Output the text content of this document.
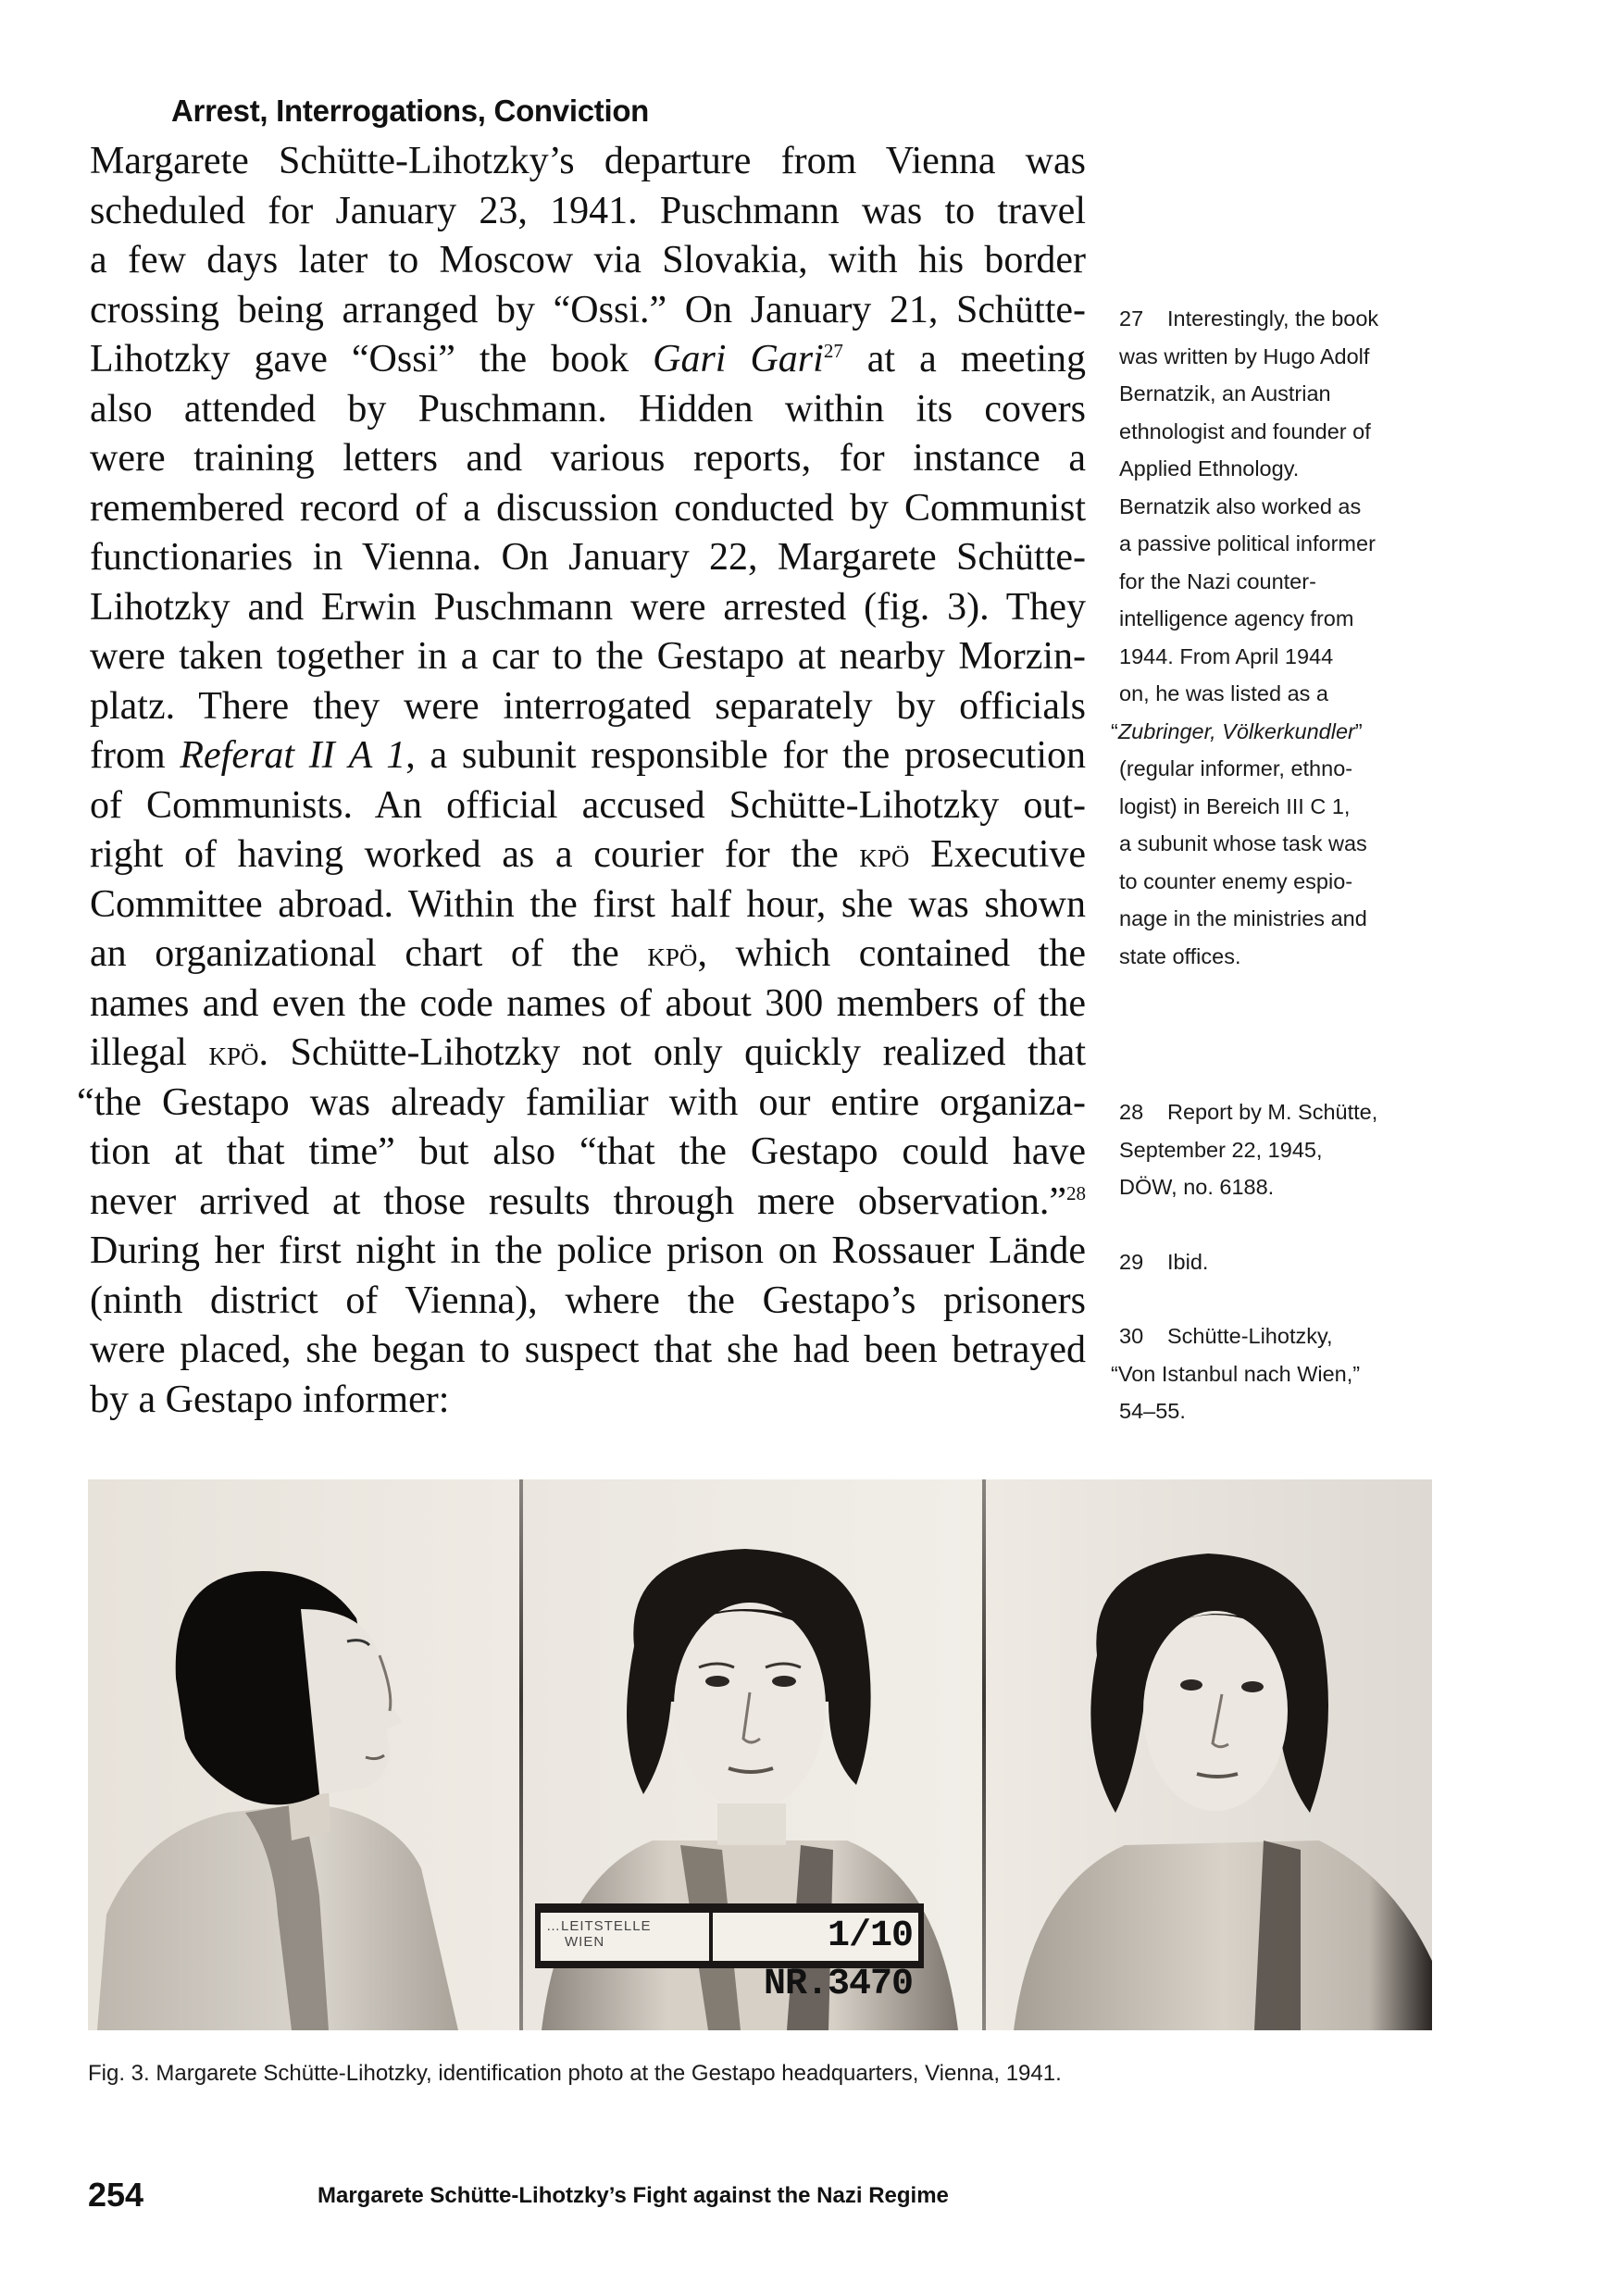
Arrest, Interrogations, Conviction
Margarete Schütte-Lihotzky’s departure from Vienna was
scheduled for January 23, 1941. Puschmann was to travel
a few days later to Moscow via Slovakia, with his border
crossing being arranged by “Ossi.” On January 21, Schütte-
Lihotzky gave “Ossi” the book Gari Gari$^{27}$ at a meeting
also attended by Puschmann. Hidden within its covers
were training letters and various reports, for instance a
remembered record of a discussion conducted by Communist
functionaries in Vienna. On January 22, Margarete Schütte-
Lihotzky and Erwin Puschmann were arrested (fig. 3). They
were taken together in a car to the Gestapo at nearby Morzin-
platz. There they were interrogated separately by officials
from Referat II A 1, a subunit responsible for the prosecution
of Communists. An official accused Schütte-Lihotzky out-
right of having worked as a courier for the kpö Executive
Committee abroad. Within the first half hour, she was shown
an organizational chart of the kpö, which contained the
names and even the code names of about 300 members of the
illegal kpö. Schütte-Lihotzky not only quickly realized that
“the Gestapo was already familiar with our entire organiza-
tion at that time” but also “that the Gestapo could have
never arrived at those results through mere observation.”$^{28}$
During her first night in the police prison on Rossauer Lände
(ninth district of Vienna), where the Gestapo’s prisoners
were placed, she began to suspect that she had been betrayed
by a Gestapo informer:
27 Interestingly, the book
was written by Hugo Adolf
Bernatzik, an Austrian
ethnologist and founder of
Applied Ethnology.
Bernatzik also worked as
a passive political informer
for the Nazi counter-
intelligence agency from
1944. From April 1944
on, he was listed as a
“Zubringer, Völkerkundler”
(regular informer, ethno-
logist) in Bereich III C 1,
a subunit whose task was
to counter enemy espio-
nage in the ministries and
state offices.
28 Report by M. Schütte,
September 22, 1945,
DÖW, no. 6188.
29 Ibid.
30 Schütte-Lihotzky,
“Von Istanbul nach Wien,”
54–55.
…LEITSTELLE
WIEN	1/10 NR.3470
Fig. 3. Margarete Schütte-Lihotzky, identification photo at the Gestapo headquarters, Vienna, 1941.
254	Margarete Schütte-Lihotzky’s Fight against the Nazi Regime
